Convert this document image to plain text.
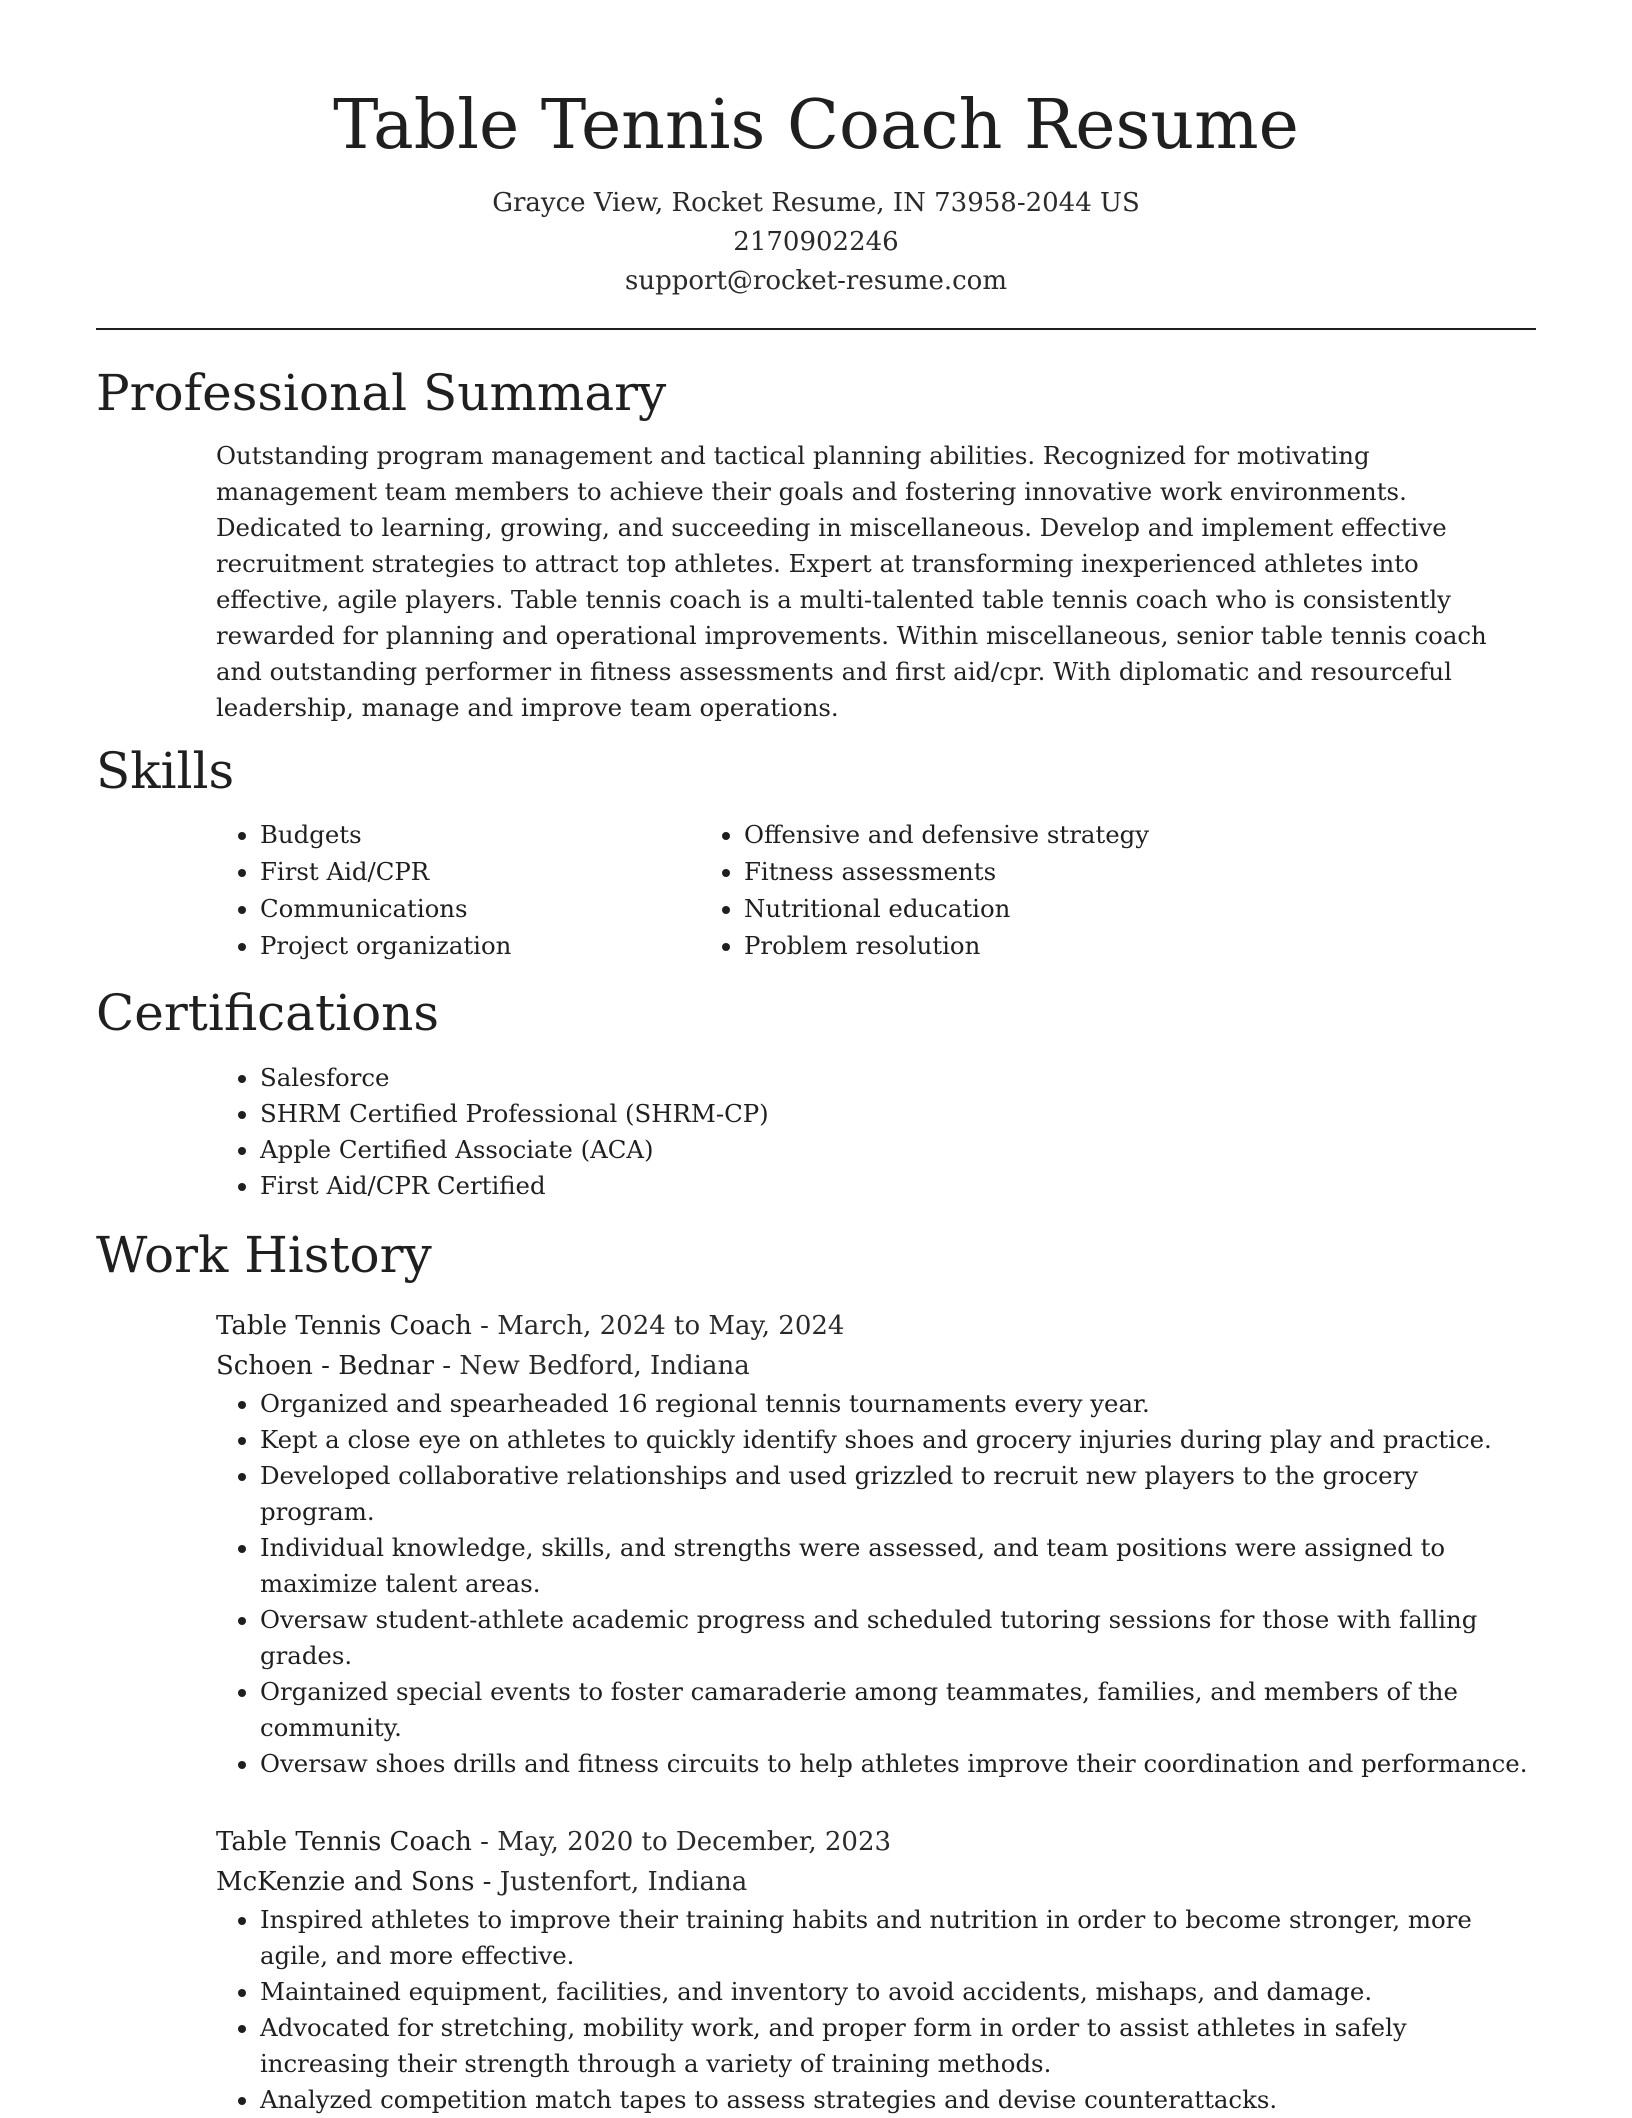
Table Tennis Coach Resume
Grayce View, Rocket Resume, IN 73958-2044 US
2170902246
support@rocket-resume.com
Professional Summary

Outstanding program management and tactical planning abilities. Recognized for motivating management team members to achieve their goals and fostering innovative work environments. Dedicated to learning, growing, and succeeding in miscellaneous. Develop and implement effective recruitment strategies to attract top athletes. Expert at transforming inexperienced athletes into effective, agile players. Table tennis coach is a multi-talented table tennis coach who is consistently rewarded for planning and operational improvements. Within miscellaneous, senior table tennis coach and outstanding performer in fitness assessments and first aid/cpr. With diplomatic and resourceful leadership, manage and improve team operations.

Skills
• Budgets
• First Aid/CPR
• Communications
• Project organization
• Offensive and defensive strategy
• Fitness assessments
• Nutritional education
• Problem resolution
Certifications
• Salesforce
• SHRM Certified Professional (SHRM-CP)
• Apple Certified Associate (ACA)
• First Aid/CPR Certified
Work History
Table Tennis Coach - March, 2024 to May, 2024
Schoen - Bednar - New Bedford, Indiana
• Organized and spearheaded 16 regional tennis tournaments every year.
• Kept a close eye on athletes to quickly identify shoes and grocery injuries during play and practice.
• Developed collaborative relationships and used grizzled to recruit new players to the grocery program.
• Individual knowledge, skills, and strengths were assessed, and team positions were assigned to maximize talent areas.
• Oversaw student-athlete academic progress and scheduled tutoring sessions for those with falling grades.
• Organized special events to foster camaraderie among teammates, families, and members of the community.
• Oversaw shoes drills and fitness circuits to help athletes improve their coordination and performance.
Table Tennis Coach - May, 2020 to December, 2023
McKenzie and Sons - Justenfort, Indiana
• Inspired athletes to improve their training habits and nutrition in order to become stronger, more agile, and more effective.
• Maintained equipment, facilities, and inventory to avoid accidents, mishaps, and damage.
• Advocated for stretching, mobility work, and proper form in order to assist athletes in safely increasing their strength through a variety of training methods.
• Analyzed competition match tapes to assess strategies and devise counterattacks.
